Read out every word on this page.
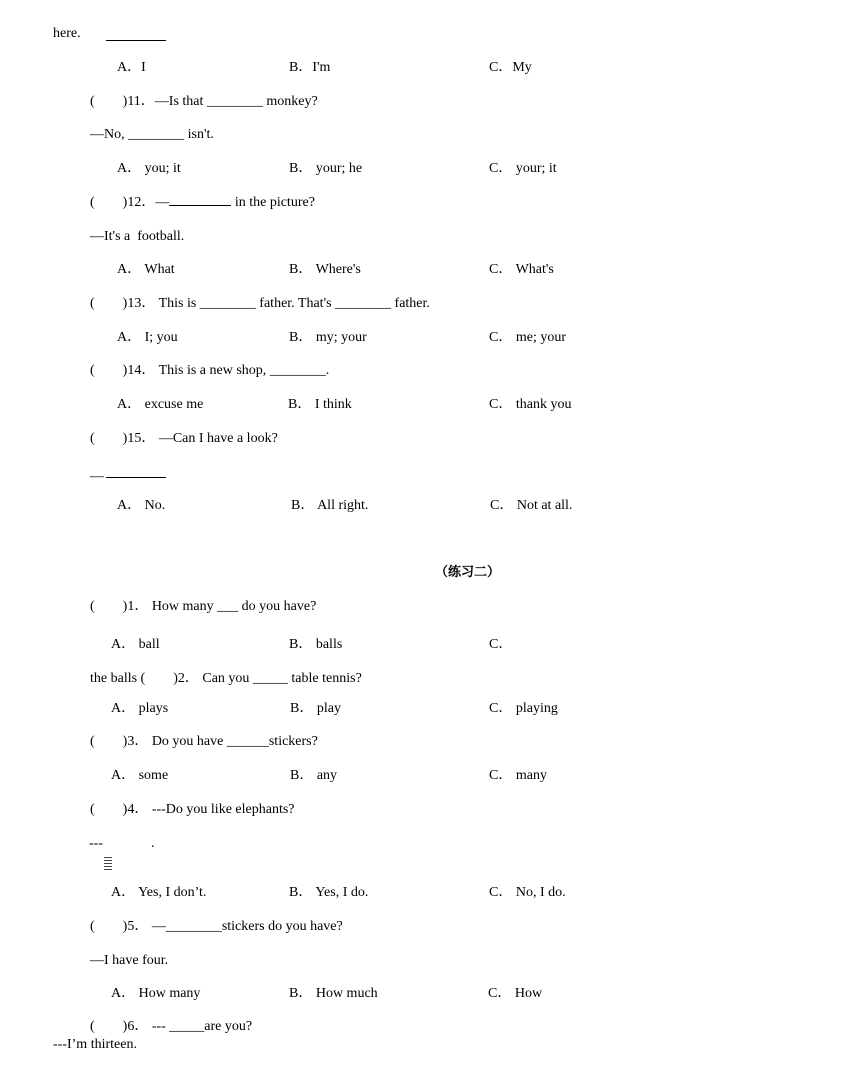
here.
A．I	B．I'm	C．My
(        )11．—Is that ________ monkey?
—No, ________ isn't.
A． you; it	B． your; he	C． your; it
(        )12．—	in the picture?
—It's a  football.
A． What	B． Where's	C． What's
(        )13． This is ________ father. That's ________ father.
A． I; you	B． my; your	C． me; your
(        )14． This is a new shop, ________.
A． excuse me	B． I think	C． thank you
(        )15． —Can I have a look?
—
A． No.	B． All right.	C． Not at all.
（练习二）
(        )1． How many ___ do you have?
A． ball	B． balls	C．
the balls (        )2． Can you _____ table tennis?
A． plays	B． play	C． playing
(        )3． Do you have ______stickers?
A． some	B． any	C． many
(        )4． ---Do you like elephants?
---	.
A． Yes, I don’t.	B． Yes, I do.	C． No, I do.
(        )5． —________stickers do you have?
—I have four.
A． How many	B． How much	C． How
(        )6． --- _____are you?
---I’m thirteen.
